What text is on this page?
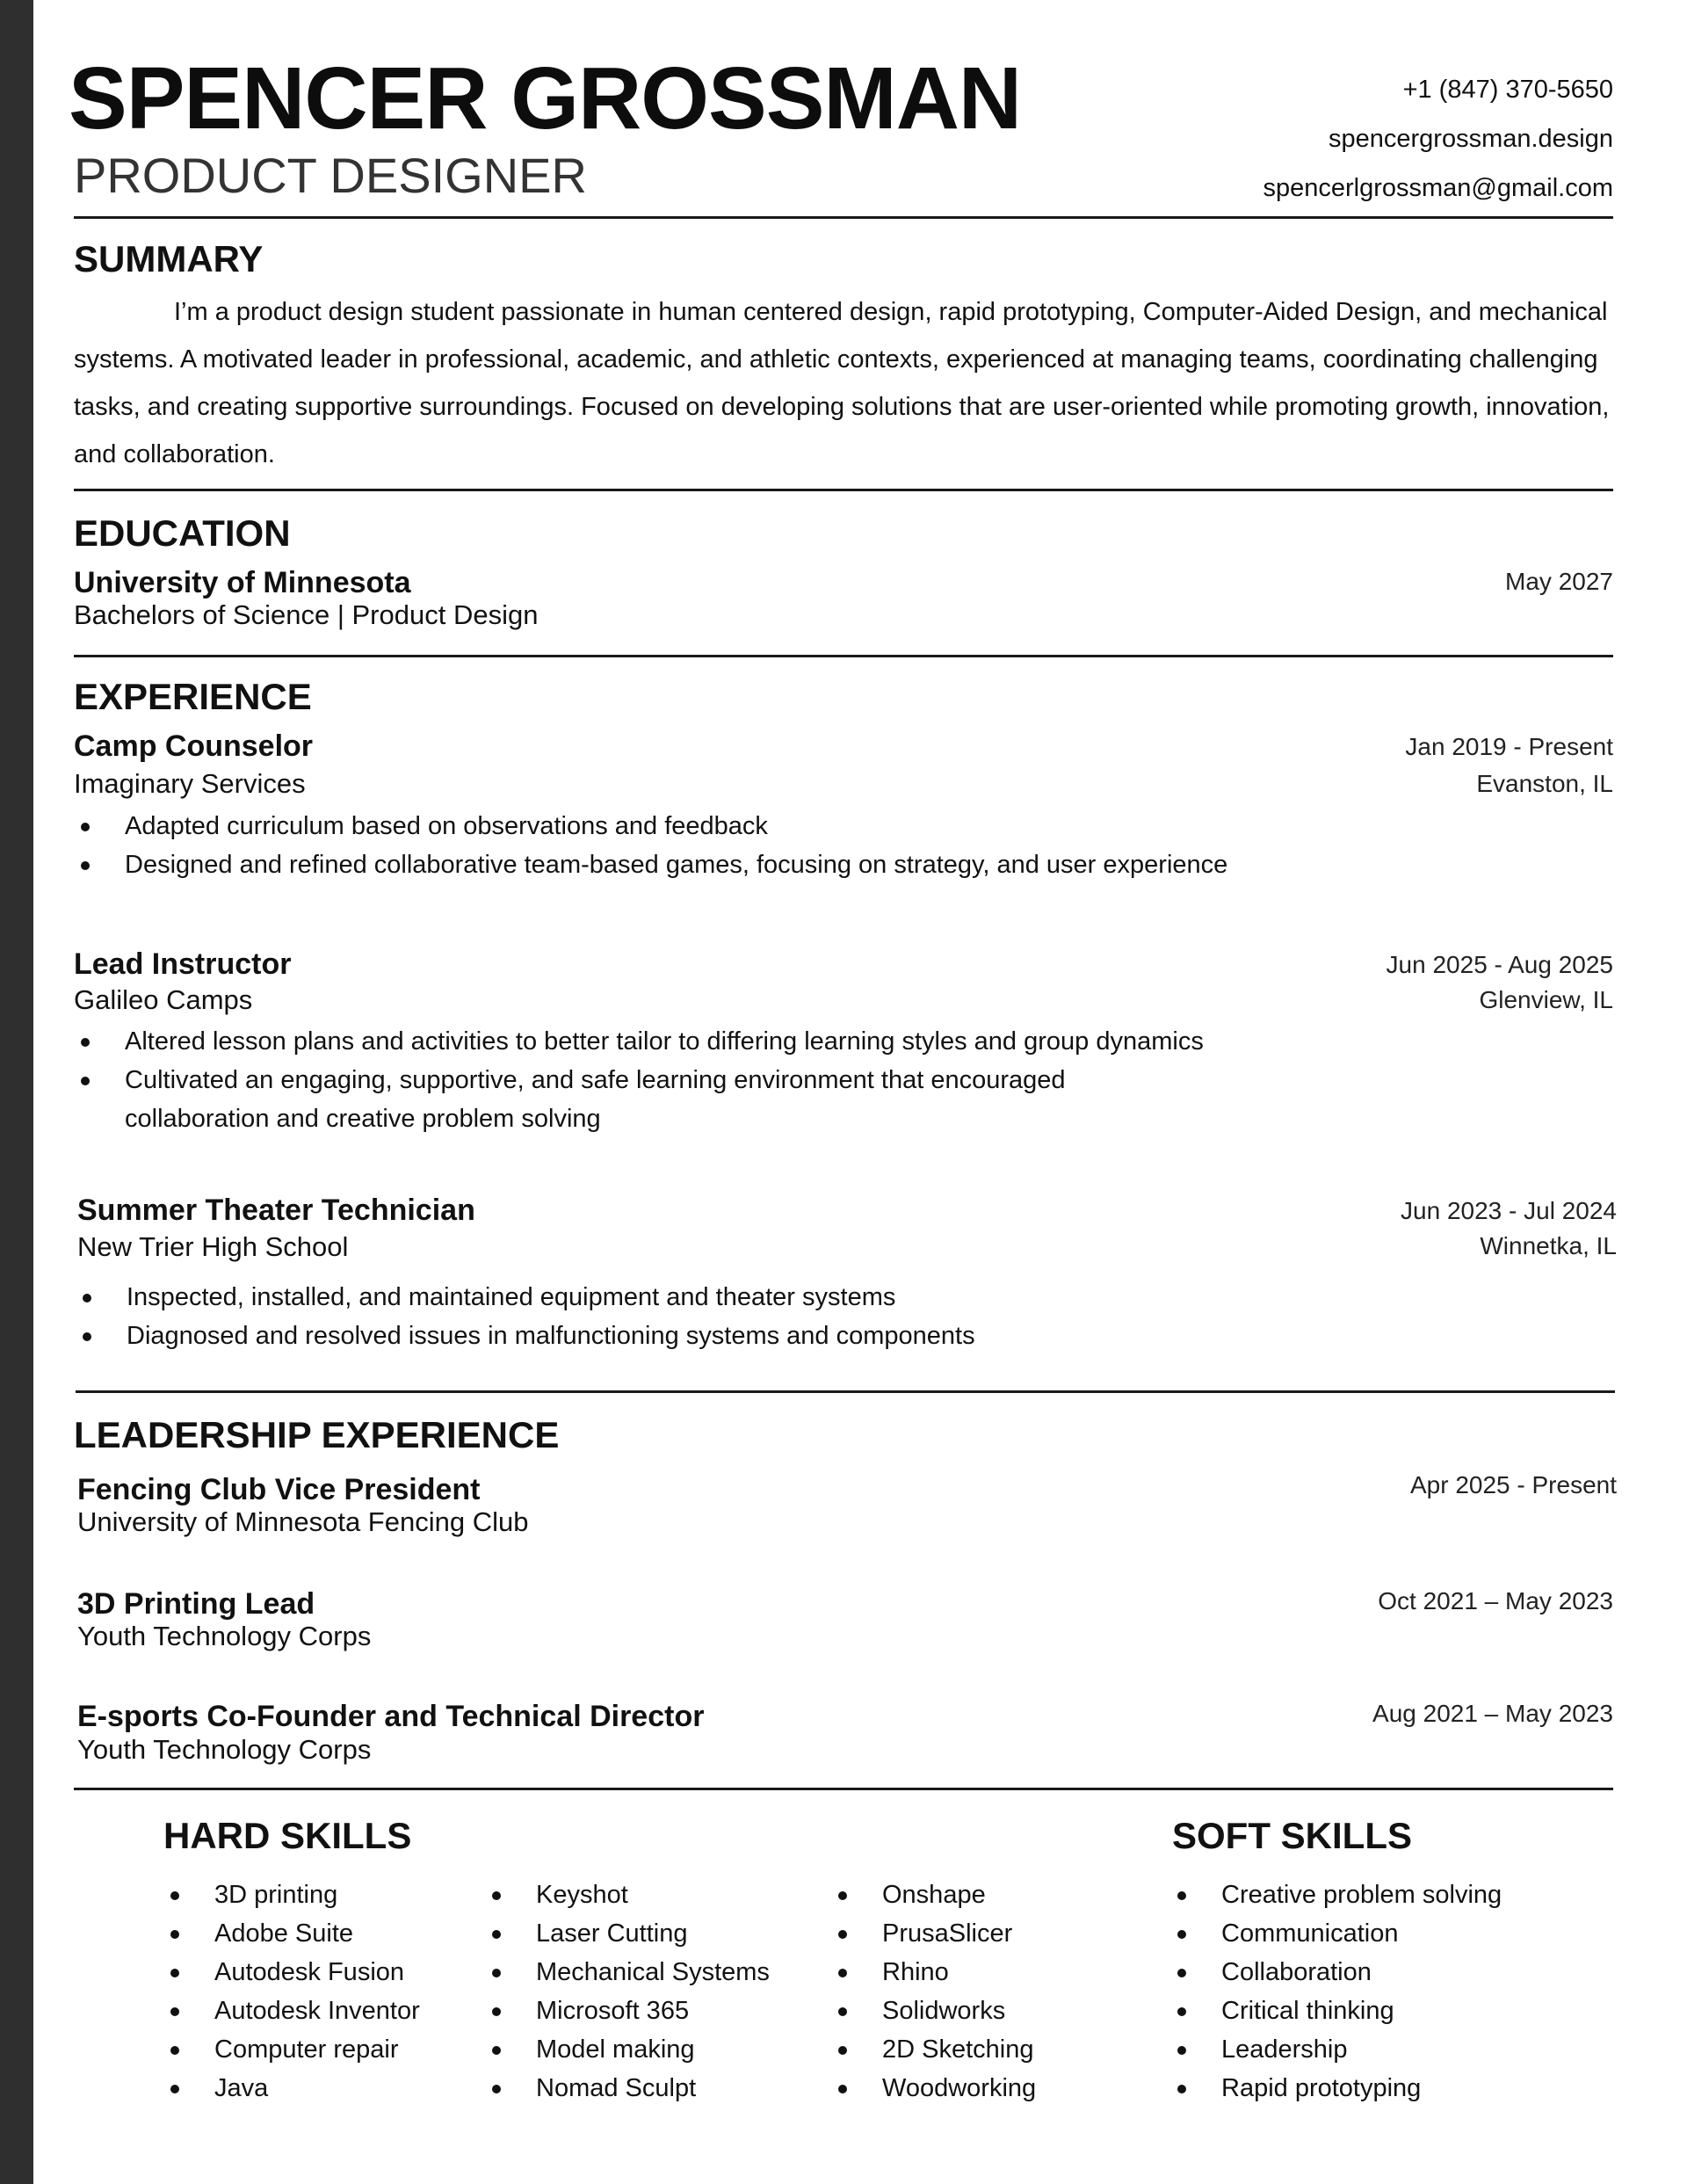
SPENCER GROSSMAN
PRODUCT DESIGNER
+1 (847) 370-5650
spencergrossman.design
spencerlgrossman@gmail.com
SUMMARY
I’m a product design student passionate in human centered design, rapid prototyping, Computer-Aided Design, and mechanical systems. A motivated leader in professional, academic, and athletic contexts, experienced at managing teams, coordinating challenging tasks, and creating supportive surroundings. Focused on developing solutions that are user-oriented while promoting growth, innovation, and collaboration.
EDUCATION
University of Minnesota
Bachelors of Science | Product Design
May 2027
EXPERIENCE
Camp Counselor
Imaginary Services
Jan 2019 - Present
Evanston, IL
Adapted curriculum based on observations and feedback
Designed and refined collaborative team-based games, focusing on strategy, and user experience
Lead Instructor
Galileo Camps
Jun 2025 - Aug 2025
Glenview, IL
Altered lesson plans and activities to better tailor to differing learning styles and group dynamics
Cultivated an engaging, supportive, and safe learning environment that encouraged collaboration and creative problem solving
Summer Theater Technician
New Trier High School
Jun 2023 - Jul 2024
Winnetka, IL
Inspected, installed, and maintained equipment and theater systems
Diagnosed and resolved issues in malfunctioning systems and components
LEADERSHIP EXPERIENCE
Fencing Club Vice President
University of Minnesota Fencing Club
Apr 2025 - Present
3D Printing Lead
Youth Technology Corps
Oct 2021 – May 2023
E-sports Co-Founder and Technical Director
Youth Technology Corps
Aug 2021 – May 2023
HARD SKILLS
3D printing
Adobe Suite
Autodesk Fusion
Autodesk Inventor
Computer repair
Java
Keyshot
Laser Cutting
Mechanical Systems
Microsoft 365
Model making
Nomad Sculpt
Onshape
PrusaSlicer
Rhino
Solidworks
2D Sketching
Woodworking
SOFT SKILLS
Creative problem solving
Communication
Collaboration
Critical thinking
Leadership
Rapid prototyping
